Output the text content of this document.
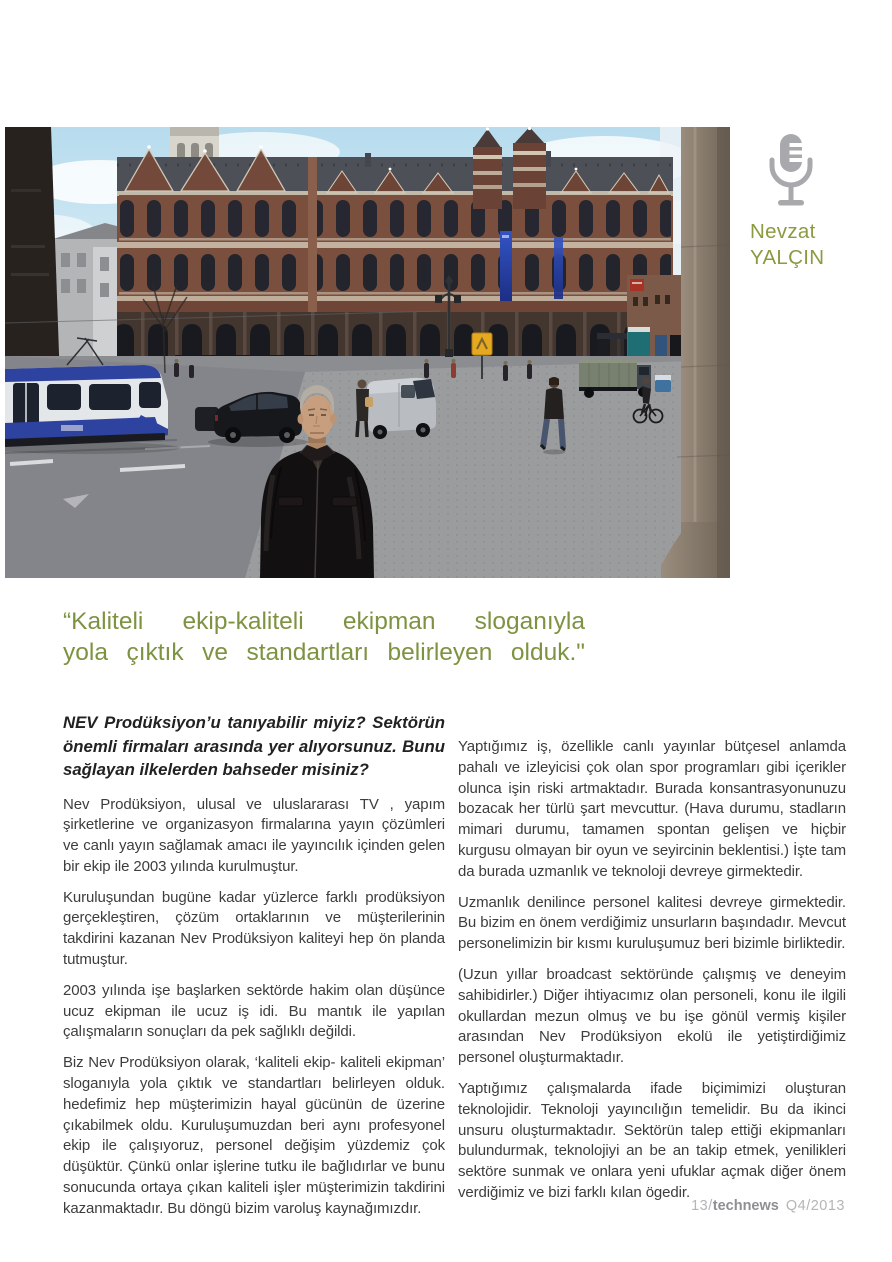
Nevzat
YALÇIN
“Kaliteli ekip-kaliteli ekipman sloganıyla
yola çıktık ve standartları belirleyen olduk."

NEV Prodüksiyon’u tanıyabilir miyiz? Sektörün önemli firmaları arasında yer alıyorsunuz. Bunu sağlayan ilkelerden bahseder misiniz?

Nev Prodüksiyon, ulusal ve uluslararası TV , yapım şirketlerine ve organizasyon firmalarına yayın çözümleri ve canlı yayın sağlamak amacı ile yayıncılık içinden gelen bir ekip ile 2003 yılında kurulmuştur.

Kuruluşundan bugüne kadar yüzlerce farklı prodüksiyon gerçekleştiren, çözüm ortaklarının ve müşterilerinin takdirini kazanan Nev Prodüksiyon kaliteyi hep ön planda tutmuştur.

2003 yılında işe başlarken sektörde hakim olan düşünce ucuz ekipman ile ucuz iş idi. Bu mantık ile yapılan çalışmaların sonuçları da pek sağlıklı değildi.

Biz Nev Prodüksiyon olarak, ‘kaliteli ekip- kaliteli ekipman’ sloganıyla yola çıktık ve standartları belirleyen olduk. hedefimiz hep müşterimizin hayal gücünün de üzerine çıkabilmek oldu. Kuruluşumuzdan beri aynı profesyonel ekip ile çalışıyoruz, personel değişim yüzdemiz çok düşüktür. Çünkü onlar işlerine tutku ile bağlıdırlar ve bunu sonucunda ortaya çıkan kaliteli işler müşterimizin takdirini kazanmaktadır. Bu döngü bizim varoluş kaynağımızdır.

Yaptığımız iş, özellikle canlı yayınlar bütçesel anlamda pahalı ve izleyicisi çok olan spor programları gibi içerikler olunca işin riski artmaktadır. Burada konsantrasyonunuzu bozacak her türlü şart mevcuttur. (Hava durumu, stadların mimari durumu, tamamen spontan gelişen ve hiçbir kurgusu olmayan bir oyun ve seyircinin beklentisi.) İşte tam da burada uzmanlık ve teknoloji devreye girmektedir.

Uzmanlık denilince personel kalitesi devreye girmektedir. Bu bizim en önem verdiğimiz unsurların başındadır. Mevcut personelimizin bir kısmı kuruluşumuz beri bizimle birliktedir.

(Uzun yıllar broadcast sektöründe çalışmış ve deneyim sahibidirler.) Diğer ihtiyacımız olan personeli, konu ile ilgili okullardan mezun olmuş ve bu işe gönül vermiş kişiler arasından Nev Prodüksiyon ekolü ile yetiştirdiğimiz personel oluşturmaktadır.

Yaptığımız çalışmalarda ifade biçimimizi oluşturan teknolojidir. Teknoloji yayıncılığın temelidir. Bu da ikinci unsuru oluşturmaktadır. Sektörün talep ettiği ekipmanları bulundurmak, teknolojiyi an be an takip etmek, yenilikleri sektöre sunmak ve onlara yeni ufuklar açmak diğer önem verdiğimiz ve bizi farklı kılan ögedir.

13/technews Q4/2013
